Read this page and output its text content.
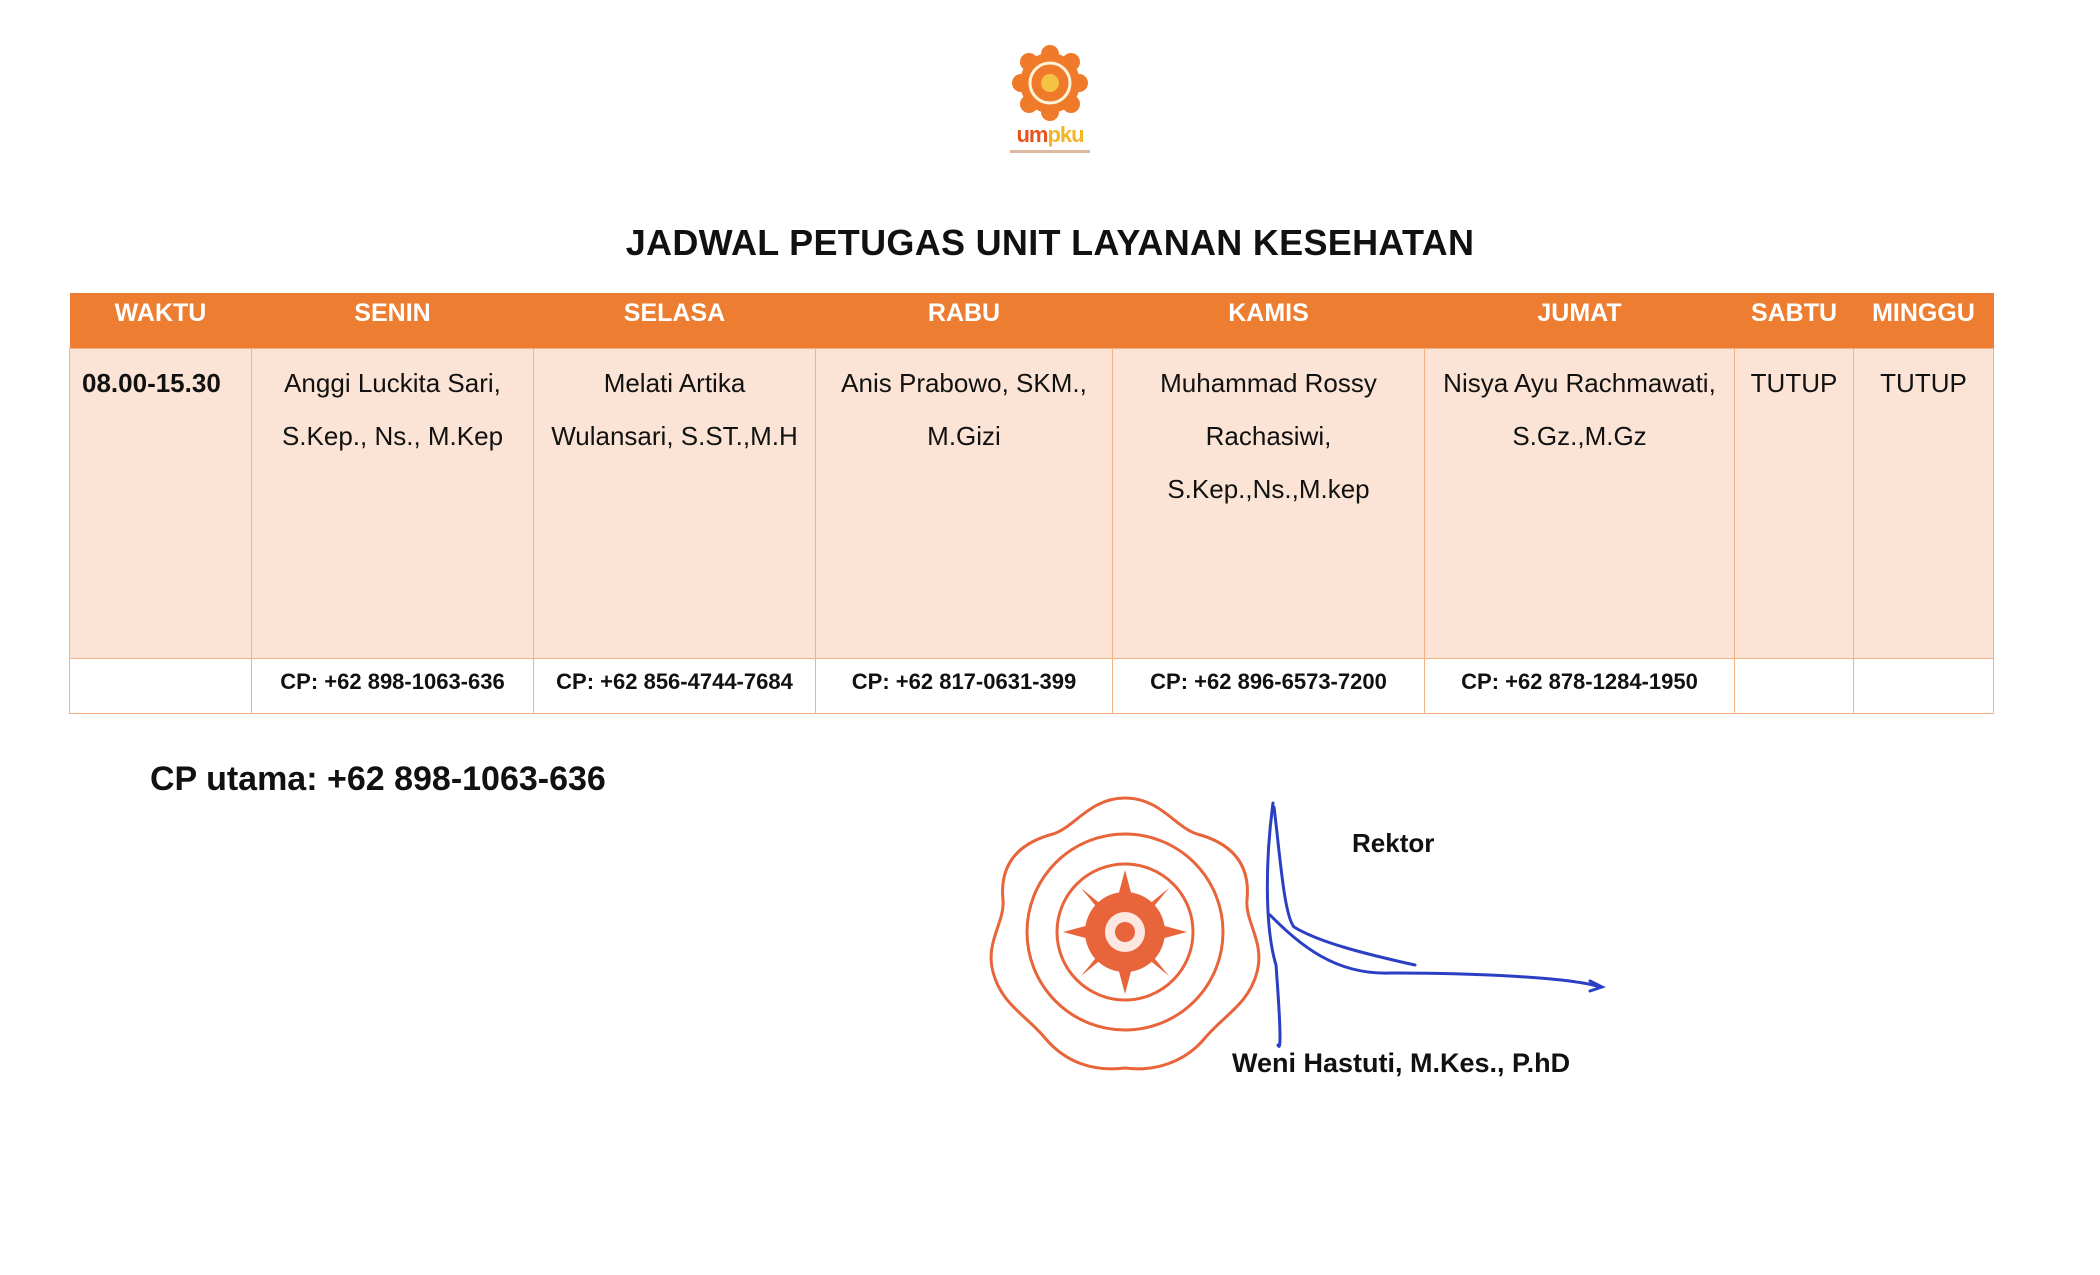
umpku
JADWAL PETUGAS UNIT LAYANAN KESEHATAN
WAKTU	SENIN	SELASA	RABU	KAMIS	JUMAT	SABTU	MINGGU
08.00-15.30	Anggi Luckita Sari, S.Kep., Ns., M.Kep	Melati Artika Wulansari, S.ST.,M.H	Anis Prabowo, SKM., M.Gizi	Muhammad Rossy Rachasiwi, S.Kep.,Ns.,M.kep	Nisya Ayu Rachmawati, S.Gz.,M.Gz	TUTUP	TUTUP
	CP: +62 898-1063-636	CP: +62 856-4744-7684	CP: +62 817-0631-399	CP: +62 896-6573-7200	CP: +62 878-1284-1950		
CP utama: +62 898-1063-636
Rektor
Weni Hastuti, M.Kes., P.hD
